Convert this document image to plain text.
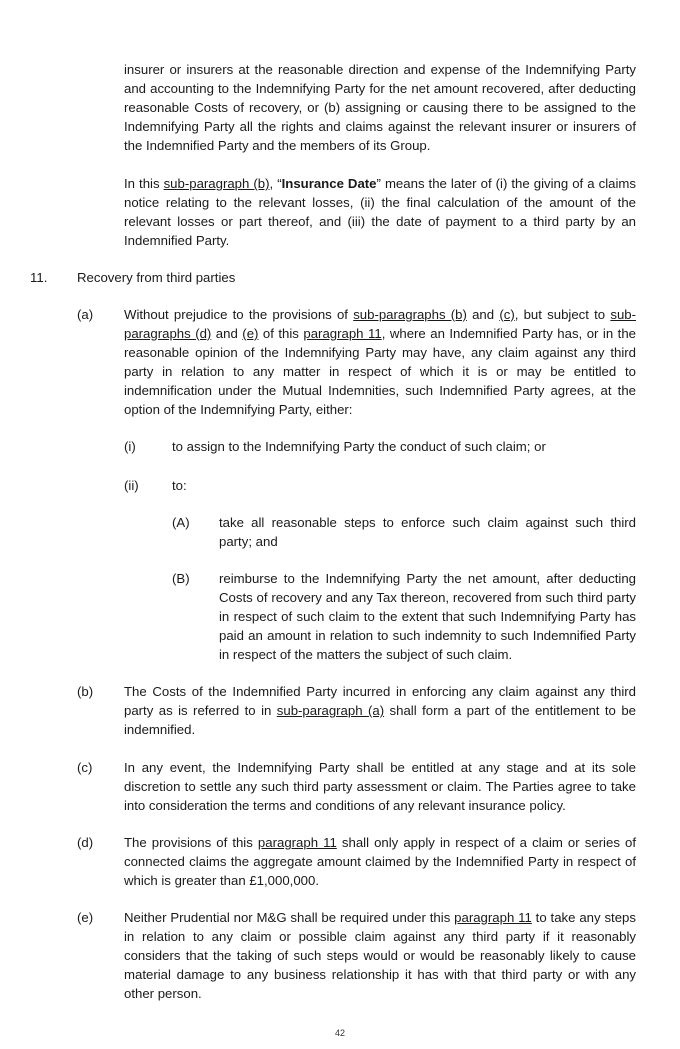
insurer or insurers at the reasonable direction and expense of the Indemnifying Party and accounting to the Indemnifying Party for the net amount recovered, after deducting reasonable Costs of recovery, or (b) assigning or causing there to be assigned to the Indemnifying Party all the rights and claims against the relevant insurer or insurers of the Indemnified Party and the members of its Group.
In this sub-paragraph (b), “Insurance Date” means the later of (i) the giving of a claims notice relating to the relevant losses, (ii) the final calculation of the amount of the relevant losses or part thereof, and (iii) the date of payment to a third party by an Indemnified Party.
11. Recovery from third parties
(a) Without prejudice to the provisions of sub-paragraphs (b) and (c), but subject to sub-paragraphs (d) and (e) of this paragraph 11, where an Indemnified Party has, or in the reasonable opinion of the Indemnifying Party may have, any claim against any third party in relation to any matter in respect of which it is or may be entitled to indemnification under the Mutual Indemnities, such Indemnified Party agrees, at the option of the Indemnifying Party, either:
(i)	to assign to the Indemnifying Party the conduct of such claim; or
(ii)	to:
(A) take all reasonable steps to enforce such claim against such third party; and
(B) reimburse to the Indemnifying Party the net amount, after deducting Costs of recovery and any Tax thereon, recovered from such third party in respect of such claim to the extent that such Indemnifying Party has paid an amount in relation to such indemnity to such Indemnified Party in respect of the matters the subject of such claim.
(b) The Costs of the Indemnified Party incurred in enforcing any claim against any third party as is referred to in sub-paragraph (a) shall form a part of the entitlement to be indemnified.
(c) In any event, the Indemnifying Party shall be entitled at any stage and at its sole discretion to settle any such third party assessment or claim. The Parties agree to take into consideration the terms and conditions of any relevant insurance policy.
(d) The provisions of this paragraph 11 shall only apply in respect of a claim or series of connected claims the aggregate amount claimed by the Indemnified Party in respect of which is greater than £1,000,000.
(e) Neither Prudential nor M&G shall be required under this paragraph 11 to take any steps in relation to any claim or possible claim against any third party if it reasonably considers that the taking of such steps would or would be reasonably likely to cause material damage to any business relationship it has with that third party or with any other person.
42
